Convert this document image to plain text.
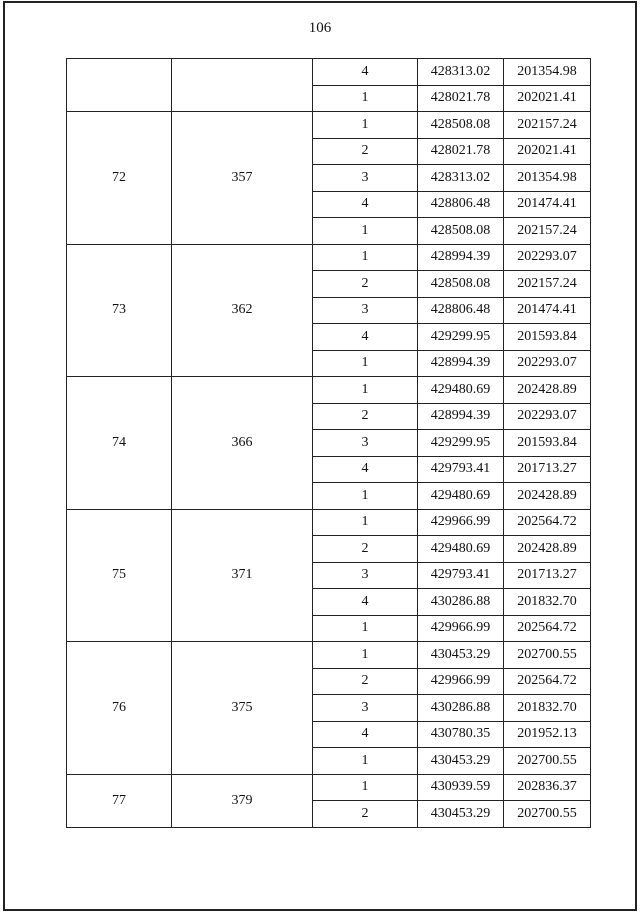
106
		4	428313.02	201354.98
		1	428021.78	202021.41
72	357	1	428508.08	202157.24
		2	428021.78	202021.41
		3	428313.02	201354.98
		4	428806.48	201474.41
		1	428508.08	202157.24
73	362	1	428994.39	202293.07
		2	428508.08	202157.24
		3	428806.48	201474.41
		4	429299.95	201593.84
		1	428994.39	202293.07
74	366	1	429480.69	202428.89
		2	428994.39	202293.07
		3	429299.95	201593.84
		4	429793.41	201713.27
		1	429480.69	202428.89
75	371	1	429966.99	202564.72
		2	429480.69	202428.89
		3	429793.41	201713.27
		4	430286.88	201832.70
		1	429966.99	202564.72
76	375	1	430453.29	202700.55
		2	429966.99	202564.72
		3	430286.88	201832.70
		4	430780.35	201952.13
		1	430453.29	202700.55
77	379	1	430939.59	202836.37
		2	430453.29	202700.55
